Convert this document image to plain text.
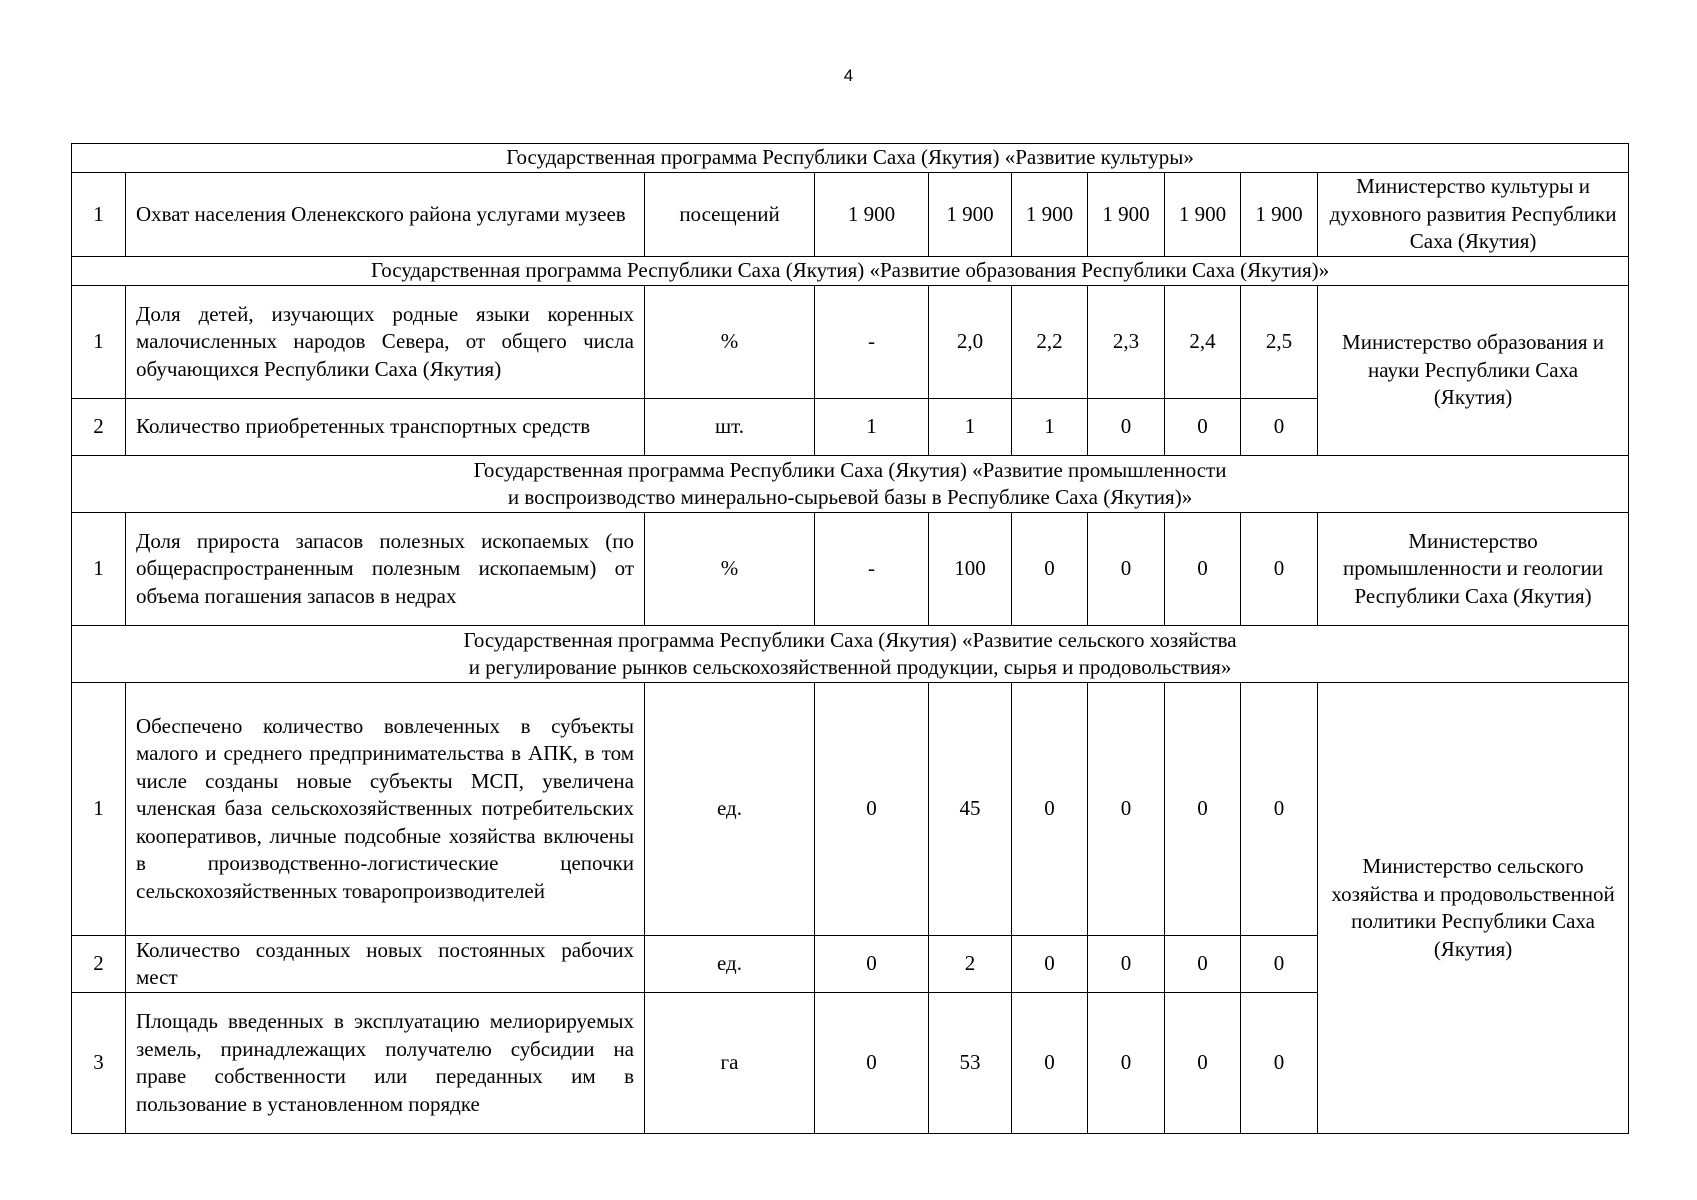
4
Государственная программа Республики Саха (Якутия) «Развитие культуры»									
1	Охват населения Оленекского района услугами музеев	посещений	1 900	1 900	1 900	1 900	1 900	1 900	Министерство культуры и духовного развития Республики Саха (Якутия)
Государственная программа Республики Саха (Якутия) «Развитие образования Республики Саха (Якутия)»									
1	Доля детей, изучающих родные языки коренных малочисленных народов Севера, от общего числа обучающихся Республики Саха (Якутия)	%	-	2,0	2,2	2,3	2,4	2,5	Министерство образования и науки Республики Саха (Якутия)
2	Количество приобретенных транспортных средств	шт.	1	1	1	0	0	0	

Государственная программа Республики Саха (Якутия) «Развитие промышленности
и воспроизводство минерально-сырьевой базы в Республике Саха (Якутия)»									

1	Доля прироста запасов полезных ископаемых (по общераспространенным полезным ископаемым) от объема погашения запасов в недрах	%	-	100	0	0	0	0	Министерство промышленности и геологии Республики Саха (Якутия)

Государственная программа Республики Саха (Якутия) «Развитие сельского хозяйства
и регулирование рынков сельскохозяйственной продукции, сырья и продовольствия»									

1	Обеспечено количество вовлеченных в субъекты малого и среднего предпринимательства в АПК, в том числе созданы новые субъекты МСП, увеличена членская база сельскохозяйственных потребительских кооперативов, личные подсобные хозяйства включены в производственно-логистические цепочки сельскохозяйственных товаропроизводителей	ед.	0	45	0	0	0	0	Министерство сельского хозяйства и продовольственной политики Республики Саха (Якутия)
2	Количество созданных новых постоянных рабочих мест	ед.	0	2	0	0	0	0	
3	Площадь введенных в эксплуатацию мелиорируемых земель, принадлежащих получателю субсидии на праве собственности или переданных им в пользование в установленном порядке	га	0	53	0	0	0	0	
